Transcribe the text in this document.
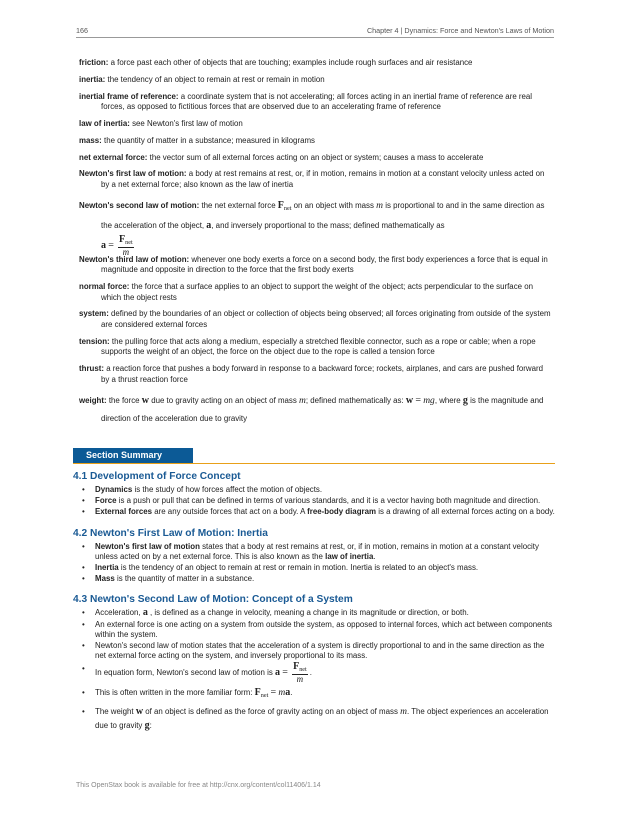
166	Chapter 4 | Dynamics: Force and Newton's Laws of Motion
friction: a force past each other of objects that are touching; examples include rough surfaces and air resistance
inertia: the tendency of an object to remain at rest or remain in motion
inertial frame of reference: a coordinate system that is not accelerating; all forces acting in an inertial frame of reference are real forces, as opposed to fictitious forces that are observed due to an accelerating frame of reference
law of inertia: see Newton's first law of motion
mass: the quantity of matter in a substance; measured in kilograms
net external force: the vector sum of all external forces acting on an object or system; causes a mass to accelerate
Newton's first law of motion: a body at rest remains at rest, or, if in motion, remains in motion at a constant velocity unless acted on by a net external force; also known as the law of inertia
Newton's second law of motion: the net external force $F_{net}$ on an object with mass m is proportional to and in the same direction as the acceleration of the object, a, and inversely proportional to the mass; defined mathematically as
$a = \frac{F_{net}}{m}$
Newton's third law of motion: whenever one body exerts a force on a second body, the first body experiences a force that is equal in magnitude and opposite in direction to the force that the first body exerts
normal force: the force that a surface applies to an object to support the weight of the object; acts perpendicular to the surface on which the object rests
system: defined by the boundaries of an object or collection of objects being observed; all forces originating from outside of the system are considered external forces
tension: the pulling force that acts along a medium, especially a stretched flexible connector, such as a rope or cable; when a rope supports the weight of an object, the force on the object due to the rope is called a tension force
thrust: a reaction force that pushes a body forward in response to a backward force; rockets, airplanes, and cars are pushed forward by a thrust reaction force
weight: the force w due to gravity acting on an object of mass m; defined mathematically as: w = mg, where g is the magnitude and direction of the acceleration due to gravity
Section Summary
4.1 Development of Force Concept
• Dynamics is the study of how forces affect the motion of objects.
• Force is a push or pull that can be defined in terms of various standards, and it is a vector having both magnitude and direction.
• External forces are any outside forces that act on a body. A free-body diagram is a drawing of all external forces acting on a body.
4.2 Newton's First Law of Motion: Inertia
• Newton's first law of motion states that a body at rest remains at rest, or, if in motion, remains in motion at a constant velocity unless acted on by a net external force. This is also known as the law of inertia.
• Inertia is the tendency of an object to remain at rest or remain in motion. Inertia is related to an object's mass.
• Mass is the quantity of matter in a substance.
4.3 Newton's Second Law of Motion: Concept of a System
• Acceleration, a , is defined as a change in velocity, meaning a change in its magnitude or direction, or both.
• An external force is one acting on a system from outside the system, as opposed to internal forces, which act between components within the system.
• Newton's second law of motion states that the acceleration of a system is directly proportional to and in the same direction as the net external force acting on the system, and inversely proportional to its mass.
• In equation form, Newton's second law of motion is $a = \frac{F_{net}}{m}$ .
• This is often written in the more familiar form: $F_{net}$ = ma.
• The weight w of an object is defined as the force of gravity acting on an object of mass m. The object experiences an acceleration due to gravity g:
This OpenStax book is available for free at http://cnx.org/content/col11406/1.14
